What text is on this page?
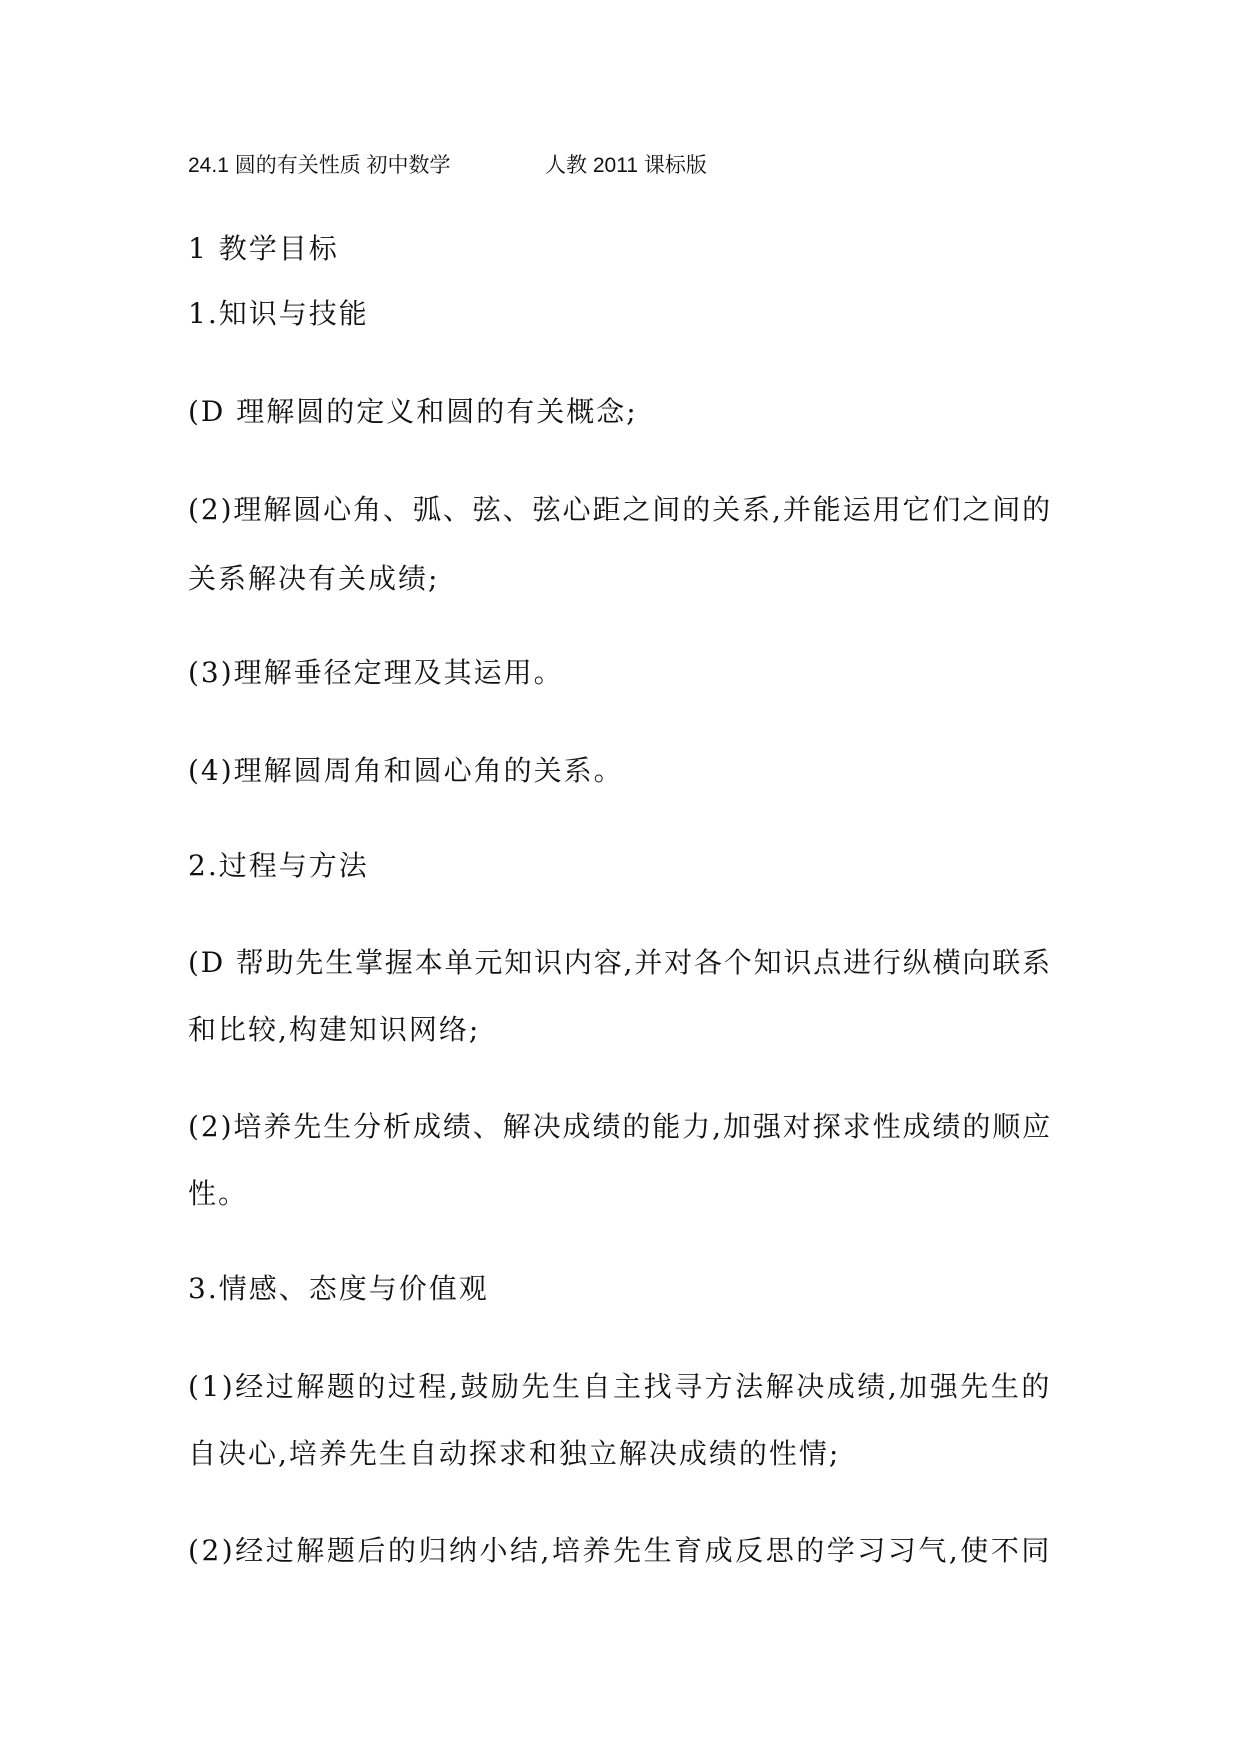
24.1 圆的有关性质 初中数学	人教 2011 课标版
1 教学目标
1.知识与技能
(D 理解圆的定义和圆的有关概念;
(2)理解圆心角、弧、弦、弦心距之间的关系,并能运用它们之间的
关系解决有关成绩;
(3)理解垂径定理及其运用。
(4)理解圆周角和圆心角的关系。
2.过程与方法
(D 帮助先生掌握本单元知识内容,并对各个知识点进行纵横向联系
和比较,构建知识网络;
(2)培养先生分析成绩、解决成绩的能力,加强对探求性成绩的顺应
性。
3.情感、态度与价值观
(1)经过解题的过程,鼓励先生自主找寻方法解决成绩,加强先生的
自决心,培养先生自动探求和独立解决成绩的性情;
(2)经过解题后的归纳小结,培养先生育成反思的学习习气,使不同
